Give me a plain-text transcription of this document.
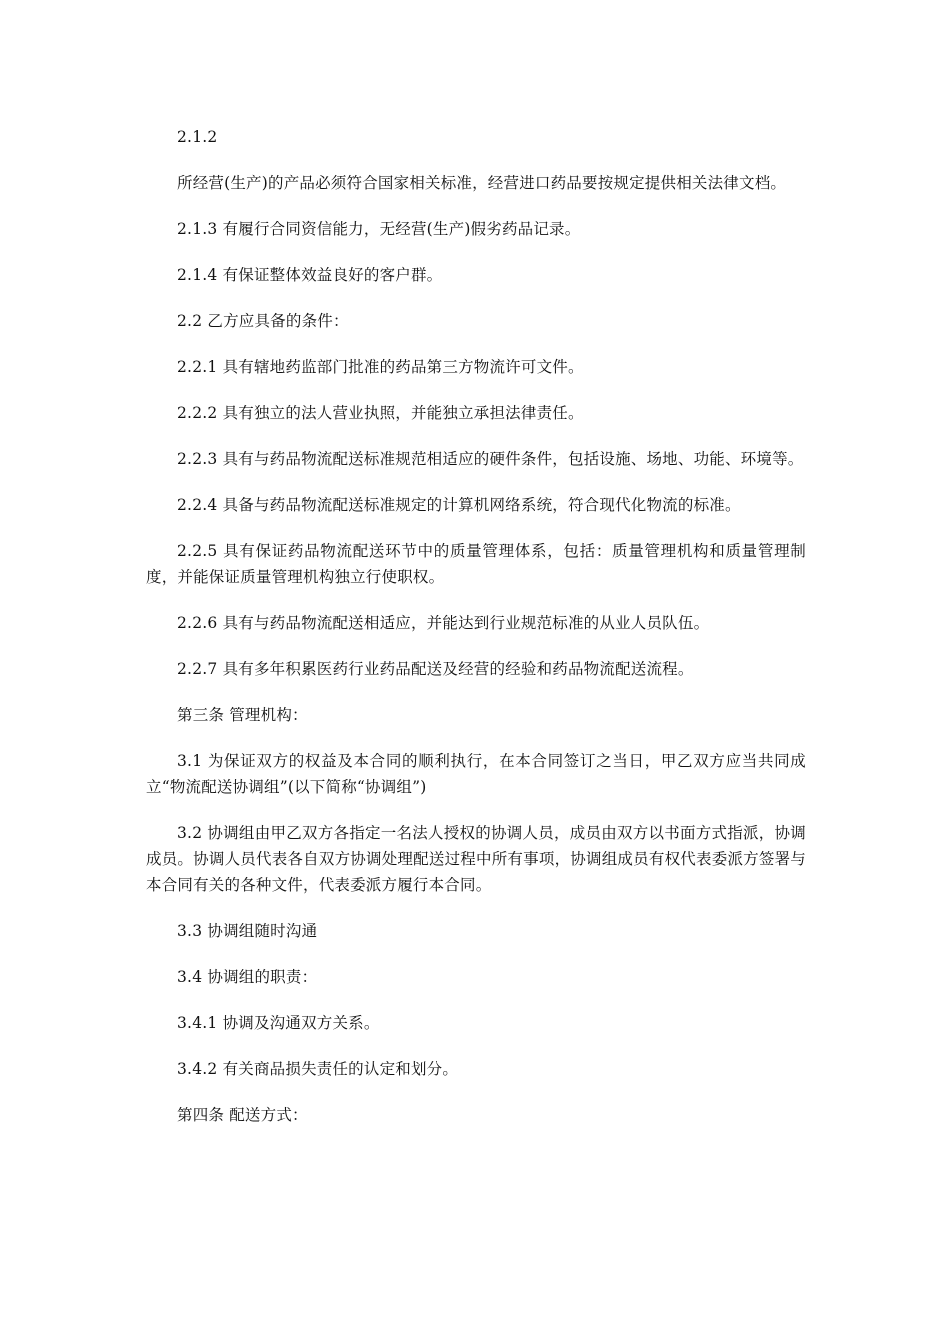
2.1.2

所经营(生产)的产品必须符合国家相关标准，经营进口药品要按规定提供相关法律文档。

2.1.3 有履行合同资信能力，无经营(生产)假劣药品记录。

2.1.4 有保证整体效益良好的客户群。

2.2 乙方应具备的条件：

2.2.1 具有辖地药监部门批准的药品第三方物流许可文件。

2.2.2 具有独立的法人营业执照，并能独立承担法律责任。

2.2.3 具有与药品物流配送标准规范相适应的硬件条件，包括设施、场地、功能、环境等。

2.2.4 具备与药品物流配送标准规定的计算机网络系统，符合现代化物流的标准。

2.2.5 具有保证药品物流配送环节中的质量管理体系，包括：质量管理机构和质量管理制度，并能保证质量管理机构独立行使职权。

2.2.6 具有与药品物流配送相适应，并能达到行业规范标准的从业人员队伍。

2.2.7 具有多年积累医药行业药品配送及经营的经验和药品物流配送流程。

第三条 管理机构：

3.1 为保证双方的权益及本合同的顺利执行，在本合同签订之当日，甲乙双方应当共同成立“物流配送协调组”(以下简称“协调组”)

3.2 协调组由甲乙双方各指定一名法人授权的协调人员，成员由双方以书面方式指派，协调成员。协调人员代表各自双方协调处理配送过程中所有事项，协调组成员有权代表委派方签署与本合同有关的各种文件，代表委派方履行本合同。

3.3 协调组随时沟通

3.4 协调组的职责：

3.4.1 协调及沟通双方关系。

3.4.2 有关商品损失责任的认定和划分。

第四条 配送方式：
